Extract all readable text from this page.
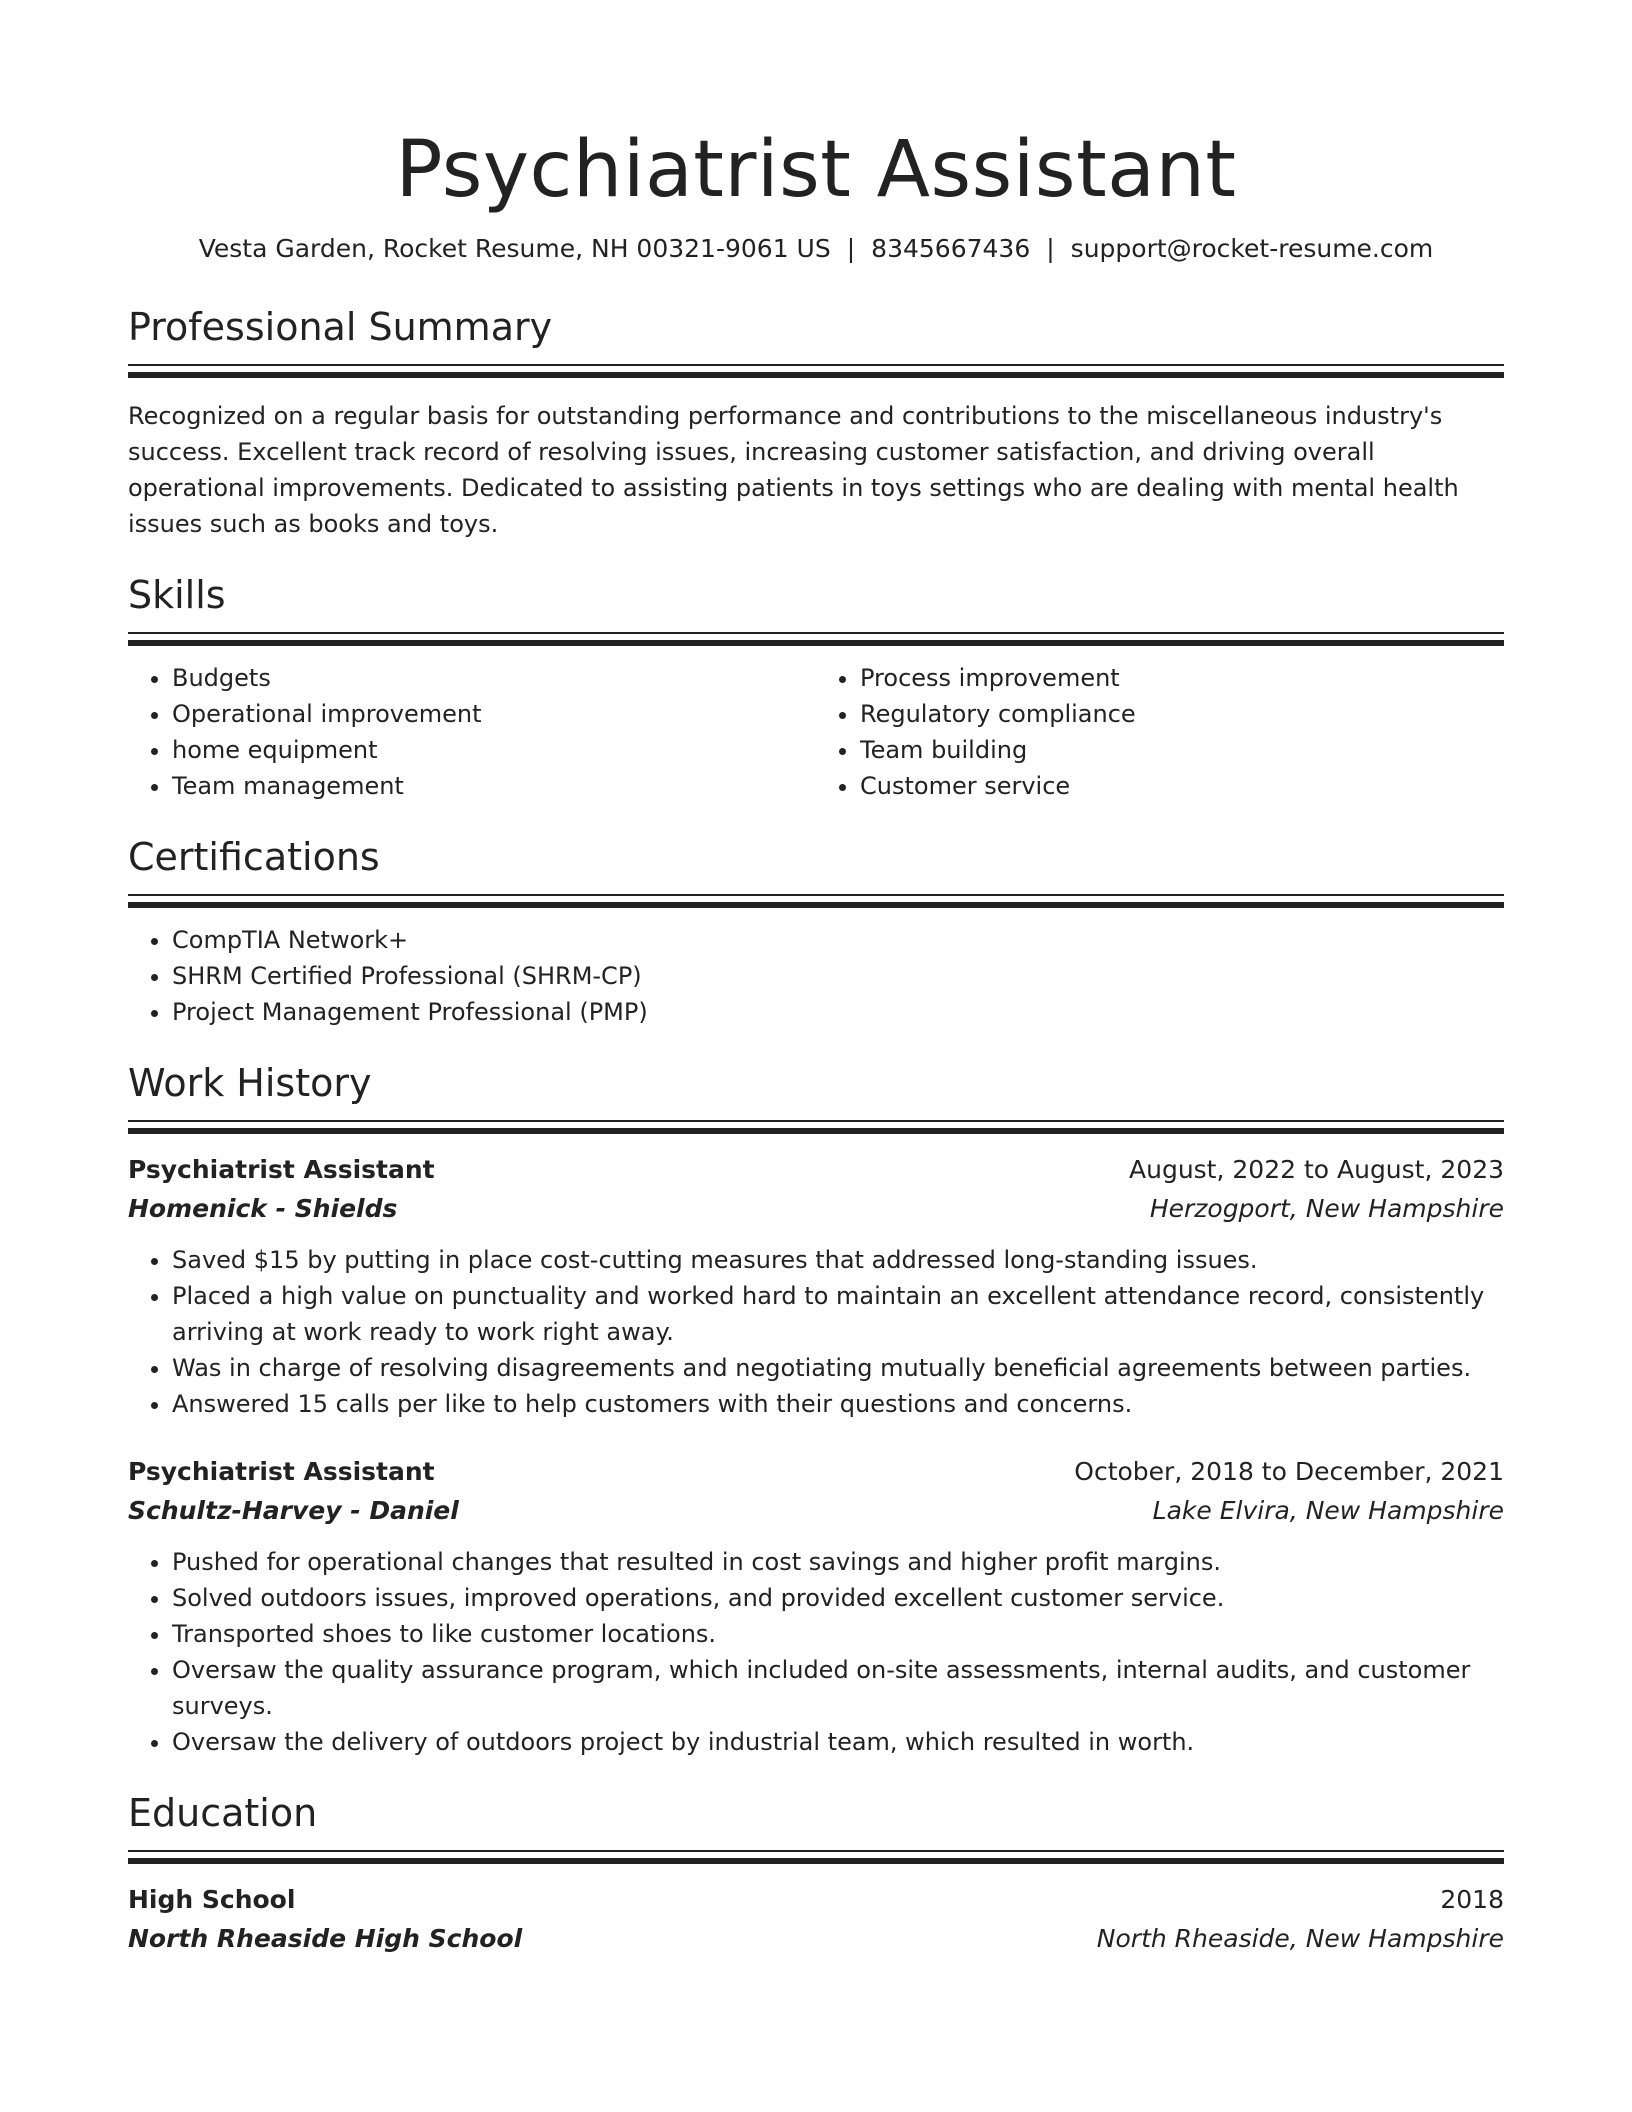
Psychiatrist Assistant
Vesta Garden, Rocket Resume, NH 00321-9061 US | 8345667436 | support@rocket-resume.com
Professional Summary

Recognized on a regular basis for outstanding performance and contributions to the miscellaneous industry's success. Excellent track record of resolving issues, increasing customer satisfaction, and driving overall operational improvements. Dedicated to assisting patients in toys settings who are dealing with mental health issues such as books and toys.

Skills
• Budgets
• Operational improvement
• home equipment
• Team management
• Process improvement
• Regulatory compliance
• Team building
• Customer service
Certifications
• CompTIA Network+
• SHRM Certified Professional (SHRM-CP)
• Project Management Professional (PMP)
Work History
Psychiatrist Assistant	August, 2022 to August, 2023
Homenick - Shields	Herzogport, New Hampshire
• Saved $15 by putting in place cost-cutting measures that addressed long-standing issues.
• Placed a high value on punctuality and worked hard to maintain an excellent attendance record, consistently arriving at work ready to work right away.
• Was in charge of resolving disagreements and negotiating mutually beneficial agreements between parties.
• Answered 15 calls per like to help customers with their questions and concerns.
Psychiatrist Assistant	October, 2018 to December, 2021
Schultz-Harvey - Daniel	Lake Elvira, New Hampshire
• Pushed for operational changes that resulted in cost savings and higher profit margins.
• Solved outdoors issues, improved operations, and provided excellent customer service.
• Transported shoes to like customer locations.
• Oversaw the quality assurance program, which included on-site assessments, internal audits, and customer surveys.
• Oversaw the delivery of outdoors project by industrial team, which resulted in worth.
Education
High School	2018
North Rheaside High School	North Rheaside, New Hampshire
